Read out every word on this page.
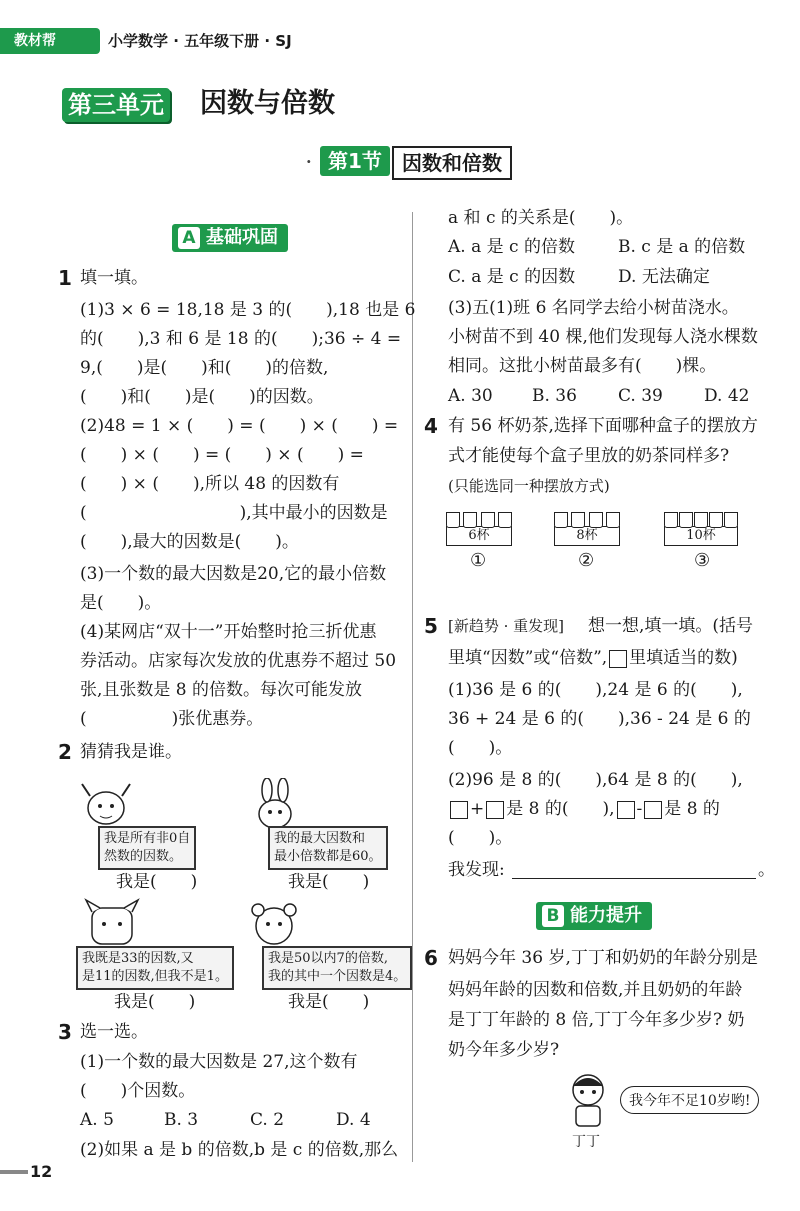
教材帮	小学数学 · 五年级下册 · SJ
第三单元 因数与倍数
· 第1节	因数和倍数
A 基础巩固
1 填一填。
(1)3 × 6 = 18,18 是 3 的(　　),18 也是 6
的(　　),3 和 6 是 18 的(　　);36 ÷ 4 =
9,(　　)是(　　)和(　　)的倍数,
(　　)和(　　)是(　　)的因数。
(2)48 = 1 × (　　) = (　　) × (　　) =
(　　) × (　　) = (　　) × (　　) =
(　　) × (　　),所以 48 的因数有
(　　　　　　　　　),其中最小的因数是
(　　),最大的因数是(　　)。
(3)一个数的最大因数是20,它的最小倍数
是(　　)。
(4)某网店“双十一”开始整时抢三折优惠
券活动。店家每次发放的优惠券不超过 50
张,且张数是 8 的倍数。每次可能发放
(　　　　　)张优惠券。
2 猜猜我是谁。
我是所有非0自
然数的因数。
我是(　　)
我的最大因数和
最小倍数都是60。
我是(　　)
我既是33的因数,又
是11的因数,但我不是1。
我是(　　)
我是50以内7的倍数,
我的其中一个因数是4。
我是(　　)
3 选一选。
(1)一个数的最大因数是 27,这个数有
(　　)个因数。
A. 5	B. 3	C. 2	D. 4
(2)如果 a 是 b 的倍数,b 是 c 的倍数,那么
12
a 和 c 的关系是(　　)。
A. a 是 c 的倍数	B. c 是 a 的倍数
C. a 是 c 的因数	D. 无法确定
(3)五(1)班 6 名同学去给小树苗浇水。
小树苗不到 40 棵,他们发现每人浇水棵数
相同。这批小树苗最多有(　　)棵。
A. 30 B. 36 C. 39 D. 42
4 有 56 杯奶茶,选择下面哪种盒子的摆放方
式才能使每个盒子里放的奶茶同样多?
(只能选同一种摆放方式)
6杯
①
8杯
②
10杯
③
5 [新趋势 · 重发现] 想一想,填一填。(括号
里填“因数”或“倍数”, 里填适当的数)
(1)36 是 6 的(　　),24 是 6 的(　　),
36 + 24 是 6 的(　　),36 - 24 是 6 的
(　　)。
(2)96 是 8 的(　　),64 是 8 的(　　),
+ 是 8 的(　　), - 是 8 的
(　　)。
我发现:	。
B 能力提升
6 妈妈今年 36 岁,丁丁和奶奶的年龄分别是
妈妈年龄的因数和倍数,并且奶奶的年龄
是丁丁年龄的 8 倍,丁丁今年多少岁? 奶
奶今年多少岁?
我今年不足10岁哟!
丁丁
